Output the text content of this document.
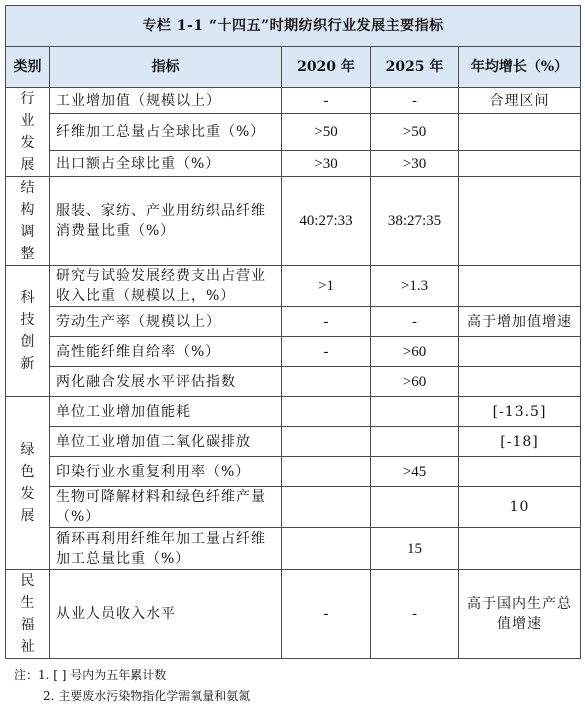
专栏 1-1 “十四五”时期纺织行业发展主要指标				
类别	指标	2020 年	2025 年	年均增长（%）

行业发展	工业增加值（规模以上）	-	-	合理区间
	纤维加工总量占全球比重（%）	>50	>50	
	出口额占全球比重（%）	>30	>30	

结构调整	服装、家纺、产业用纺织品纤维消费量比重（%）	40:27:33	38:27:35	

科技创新	研究与试验发展经费支出占营业收入比重（规模以上，%）	>1	>1.3	
	劳动生产率（规模以上）	-	-	高于增加值增速
	高性能纤维自给率（%）	-	>60	
	两化融合发展水平评估指数		>60	

绿色发展	单位工业增加值能耗			[-13.5]
	单位工业增加值二氧化碳排放			[-18]
	印染行业水重复利用率（%）		>45	
	生物可降解材料和绿色纤维产量（%）			10
	循环再利用纤维年加工量占纤维加工总量比重（%）		15	

民生福祉	从业人员收入水平	-	-	高于国内生产总值增速
注：1. [ ] 号内为五年累计数
2. 主要废水污染物指化学需氧量和氨氮
